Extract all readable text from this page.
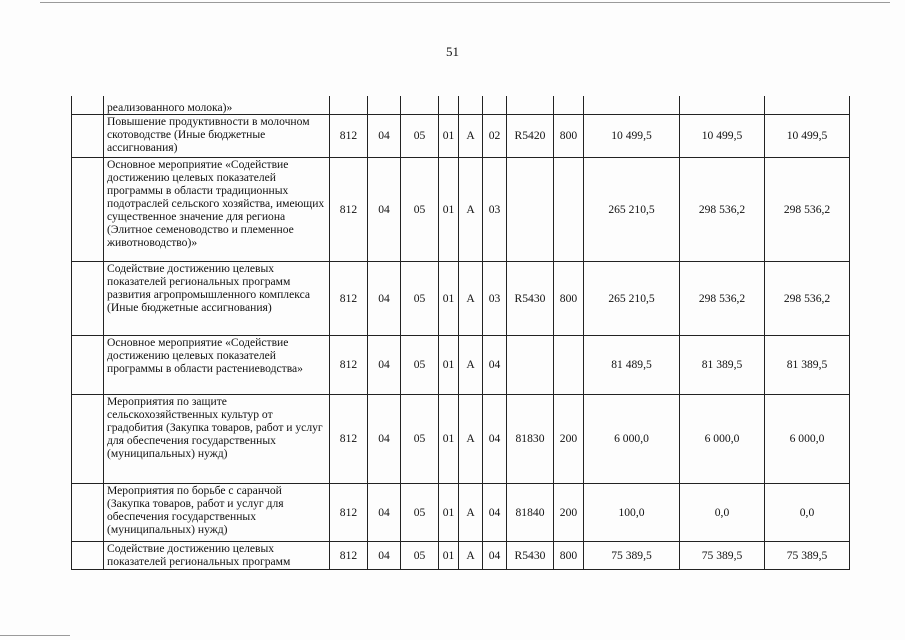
51
	реализованного молока)»											
	Повышение продуктивности в молочном скотоводстве (Иные бюджетные ассигнования)	812	04	05	01	А	02	R5420	800	10 499,5	10 499,5	10 499,5
	Основное мероприятие «Содействие достижению целевых показателей программы в области традиционных подотраслей сельского хозяйства, имеющих существенное значение для региона (Элитное семеноводство и племенное животноводство)»	812	04	05	01	А	03			265 210,5	298 536,2	298 536,2
	Содействие достижению целевых показателей региональных программ развития агропромышленного комплекса (Иные бюджетные ассигнования)	812	04	05	01	А	03	R5430	800	265 210,5	298 536,2	298 536,2
	Основное мероприятие «Содействие достижению целевых показателей программы в области растениеводства»	812	04	05	01	А	04			81 489,5	81 389,5	81 389,5
	Мероприятия по защите сельскохозяйственных культур от градобития (Закупка товаров, работ и услуг для обеспечения государственных (муниципальных) нужд)	812	04	05	01	А	04	81830	200	6 000,0	6 000,0	6 000,0
	Мероприятия по борьбе с саранчой (Закупка товаров, работ и услуг для обеспечения государственных (муниципальных) нужд)	812	04	05	01	А	04	81840	200	100,0	0,0	0,0
	Содействие достижению целевых показателей региональных программ	812	04	05	01	А	04	R5430	800	75 389,5	75 389,5	75 389,5
